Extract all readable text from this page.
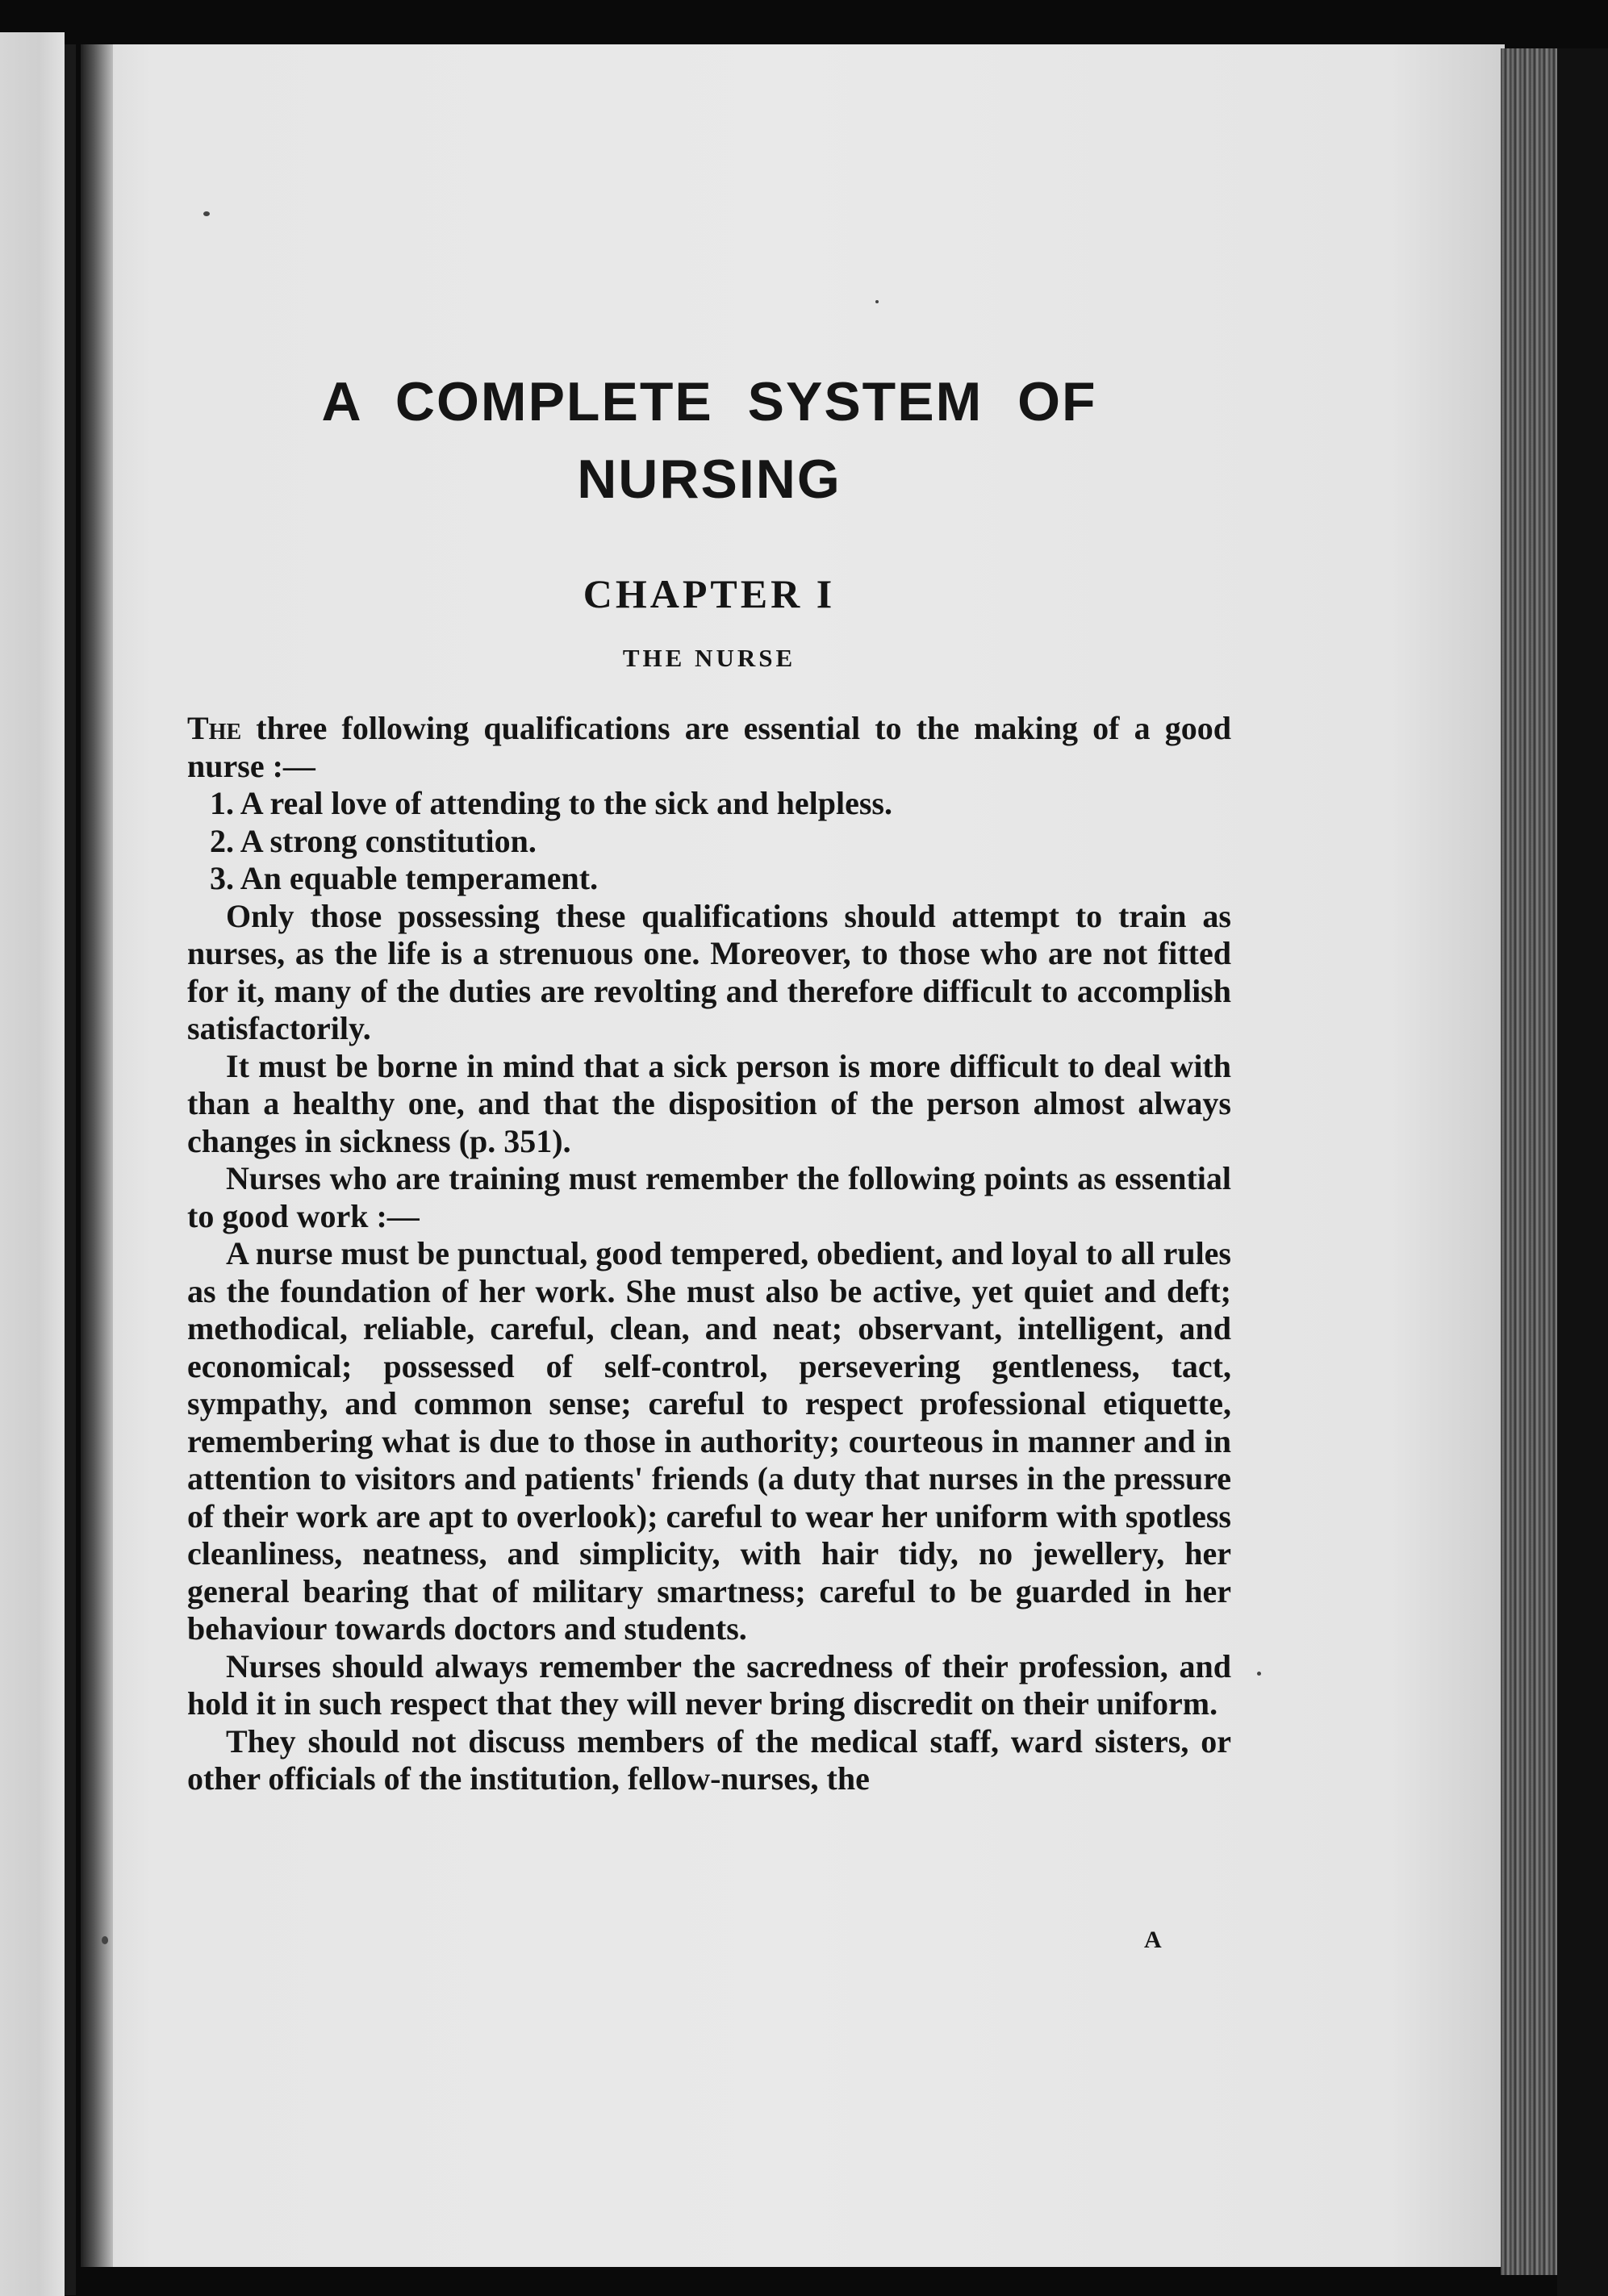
A COMPLETE SYSTEM OF
NURSING
CHAPTER I
THE NURSE

The three following qualifications are essential to the making of a good nurse :—

1. A real love of attending to the sick and helpless.

2. A strong constitution.

3. An equable temperament.

Only those possessing these qualifications should attempt to train as nurses, as the life is a strenuous one. Moreover, to those who are not fitted for it, many of the duties are revolting and therefore difficult to accomplish satisfactorily.

It must be borne in mind that a sick person is more difficult to deal with than a healthy one, and that the disposition of the person almost always changes in sickness (p. 351).

Nurses who are training must remember the following points as essential to good work :—

A nurse must be punctual, good tempered, obedient, and loyal to all rules as the foundation of her work. She must also be active, yet quiet and deft; methodical, reliable, careful, clean, and neat; observant, intelligent, and economical; possessed of self-control, persevering gentleness, tact, sympathy, and common sense; careful to respect professional etiquette, remembering what is due to those in authority; courteous in manner and in attention to visitors and patients' friends (a duty that nurses in the pressure of their work are apt to overlook); careful to wear her uniform with spotless cleanliness, neatness, and simplicity, with hair tidy, no jewellery, her general bearing that of military smartness; careful to be guarded in her behaviour towards doctors and students.

Nurses should always remember the sacredness of their profession, and hold it in such respect that they will never bring discredit on their uniform.

They should not discuss members of the medical staff, ward sisters, or other officials of the institution, fellow-nurses, the

A
